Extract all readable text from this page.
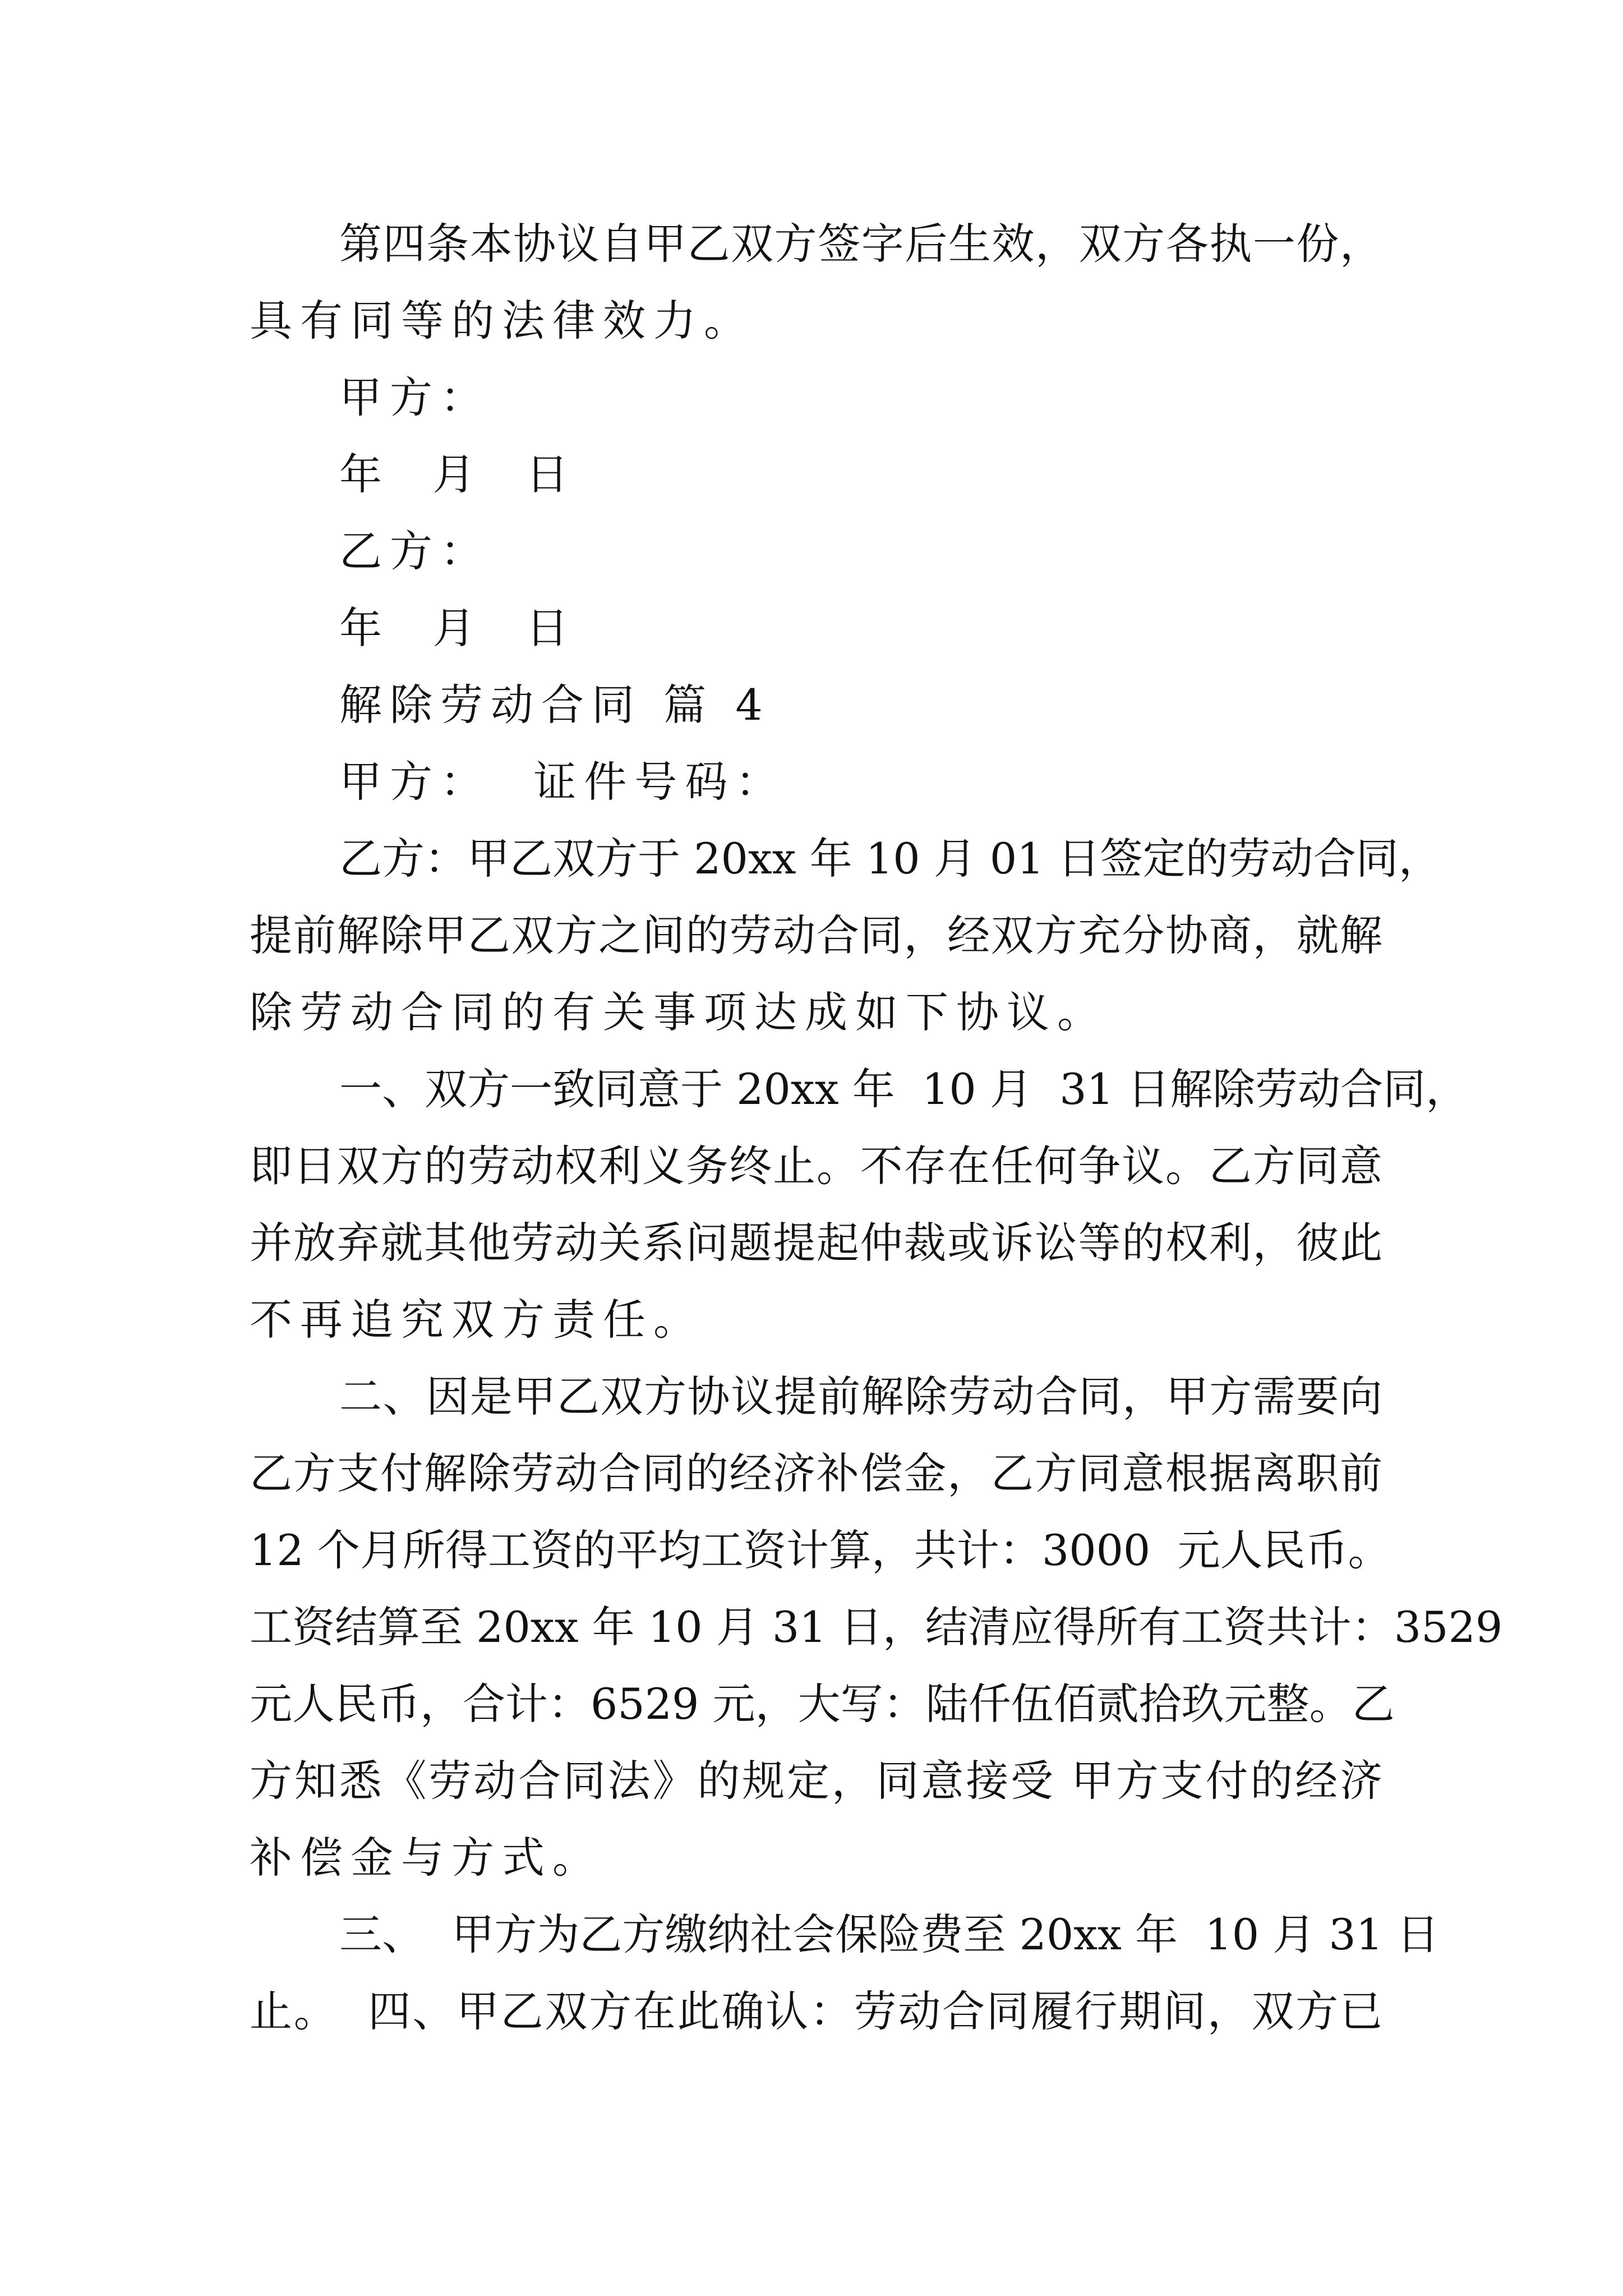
第四条本协议自甲乙双方签字后生效，双方各执一份，
具有同等的法律效力。
甲方：
年  月  日
乙方：
年  月  日
解除劳动合同 篇 4
甲方：  证件号码：
乙方：甲乙双方于 20xx 年 10 月 01 日签定的劳动合同，
提前解除甲乙双方之间的劳动合同，经双方充分协商，就解
除劳动合同的有关事项达成如下协议。
一、双方一致同意于 20xx 年  10 月  31 日解除劳动合同，
即日双方的劳动权利义务终止。不存在任何争议。乙方同意
并放弃就其他劳动关系问题提起仲裁或诉讼等的权利，彼此
不再追究双方责任。
二、因是甲乙双方协议提前解除劳动合同，甲方需要向
乙方支付解除劳动合同的经济补偿金，乙方同意根据离职前
12 个月所得工资的平均工资计算，共计：3000  元人民币。
工资结算至 20xx 年 10 月 31 日，结清应得所有工资共计：3529
元人民币，合计：6529 元，大写：陆仟伍佰贰拾玖元整。乙
方知悉《劳动合同法》的规定，同意接受 甲方支付的经济
补偿金与方式。
三、  甲方为乙方缴纳社会保险费至 20xx 年  10 月 31 日
止。  四、甲乙双方在此确认：劳动合同履行期间，双方已
